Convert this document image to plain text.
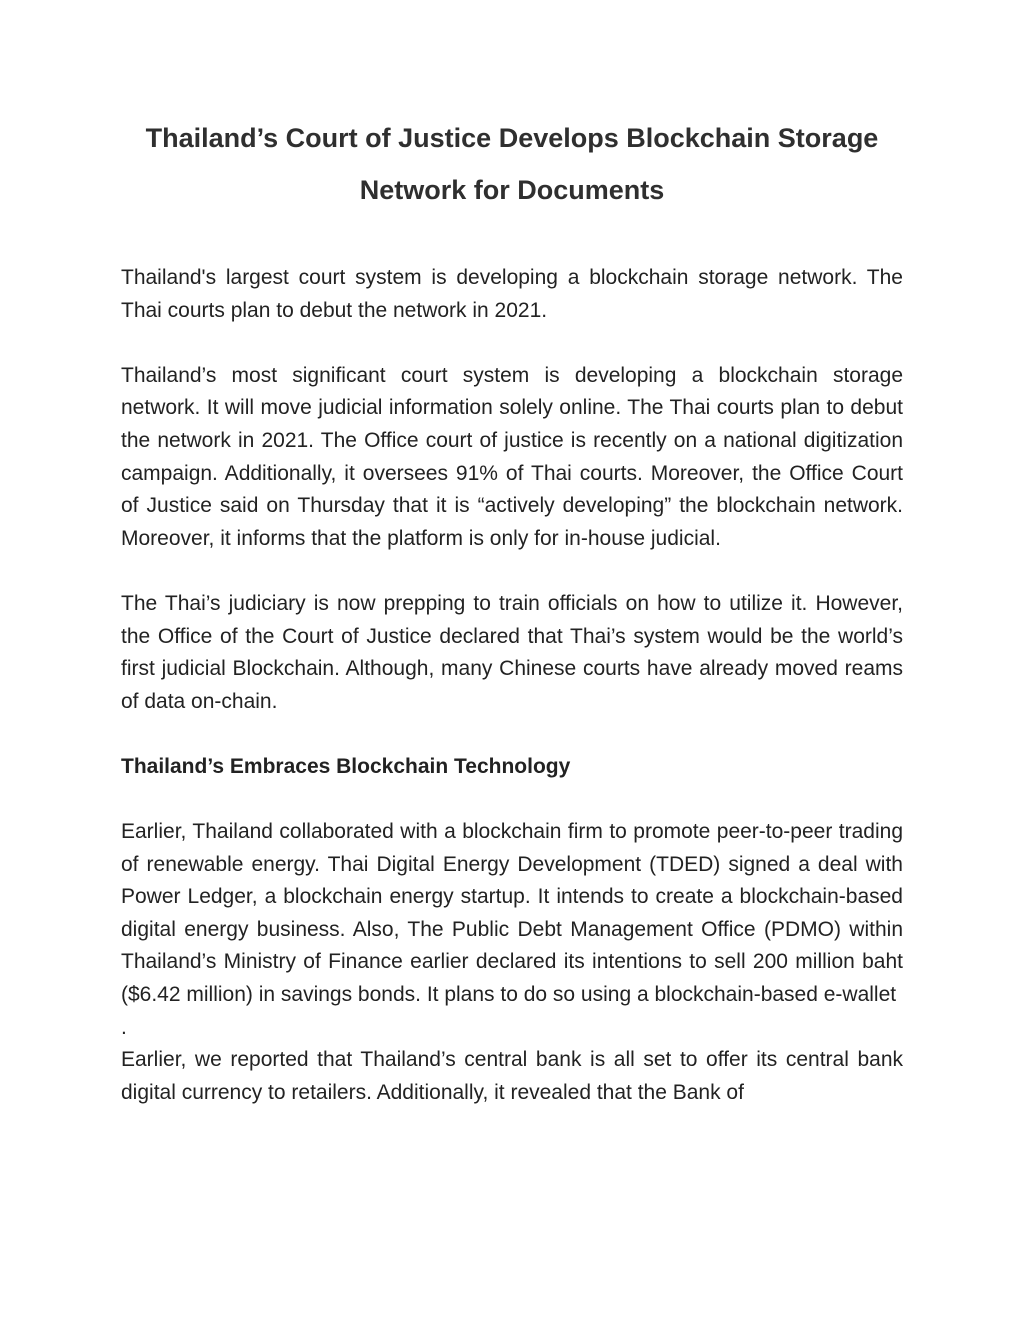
Thailand’s Court of Justice Develops Blockchain Storage Network for Documents

Thailand's largest court system is developing a blockchain storage network. The Thai courts plan to debut the network in 2021.

Thailand’s most significant court system is developing a blockchain storage network. It will move judicial information solely online. The Thai courts plan to debut the network in 2021. The Office court of justice is recently on a national digitization campaign. Additionally, it oversees 91% of Thai courts. Moreover, the Office Court of Justice said on Thursday that it is “actively developing” the blockchain network. Moreover, it informs that the platform is only for in-house judicial.

The Thai’s judiciary is now prepping to train officials on how to utilize it. However, the Office of the Court of Justice declared that Thai’s system would be the world’s first judicial Blockchain. Although, many Chinese courts have already moved reams of data on-chain.

Thailand’s Embraces Blockchain Technology

Earlier, Thailand collaborated with a blockchain firm to promote peer-to-peer trading of renewable energy. Thai Digital Energy Development (TDED) signed a deal with Power Ledger, a blockchain energy startup. It intends to create a blockchain-based digital energy business. Also, The Public Debt Management Office (PDMO) within Thailand’s Ministry of Finance earlier declared its intentions to sell 200 million baht ($6.42 million) in savings bonds. It plans to do so using a blockchain-based e-wallet

.

Earlier, we reported that Thailand’s central bank is all set to offer its central bank digital currency to retailers. Additionally, it revealed that the Bank of
